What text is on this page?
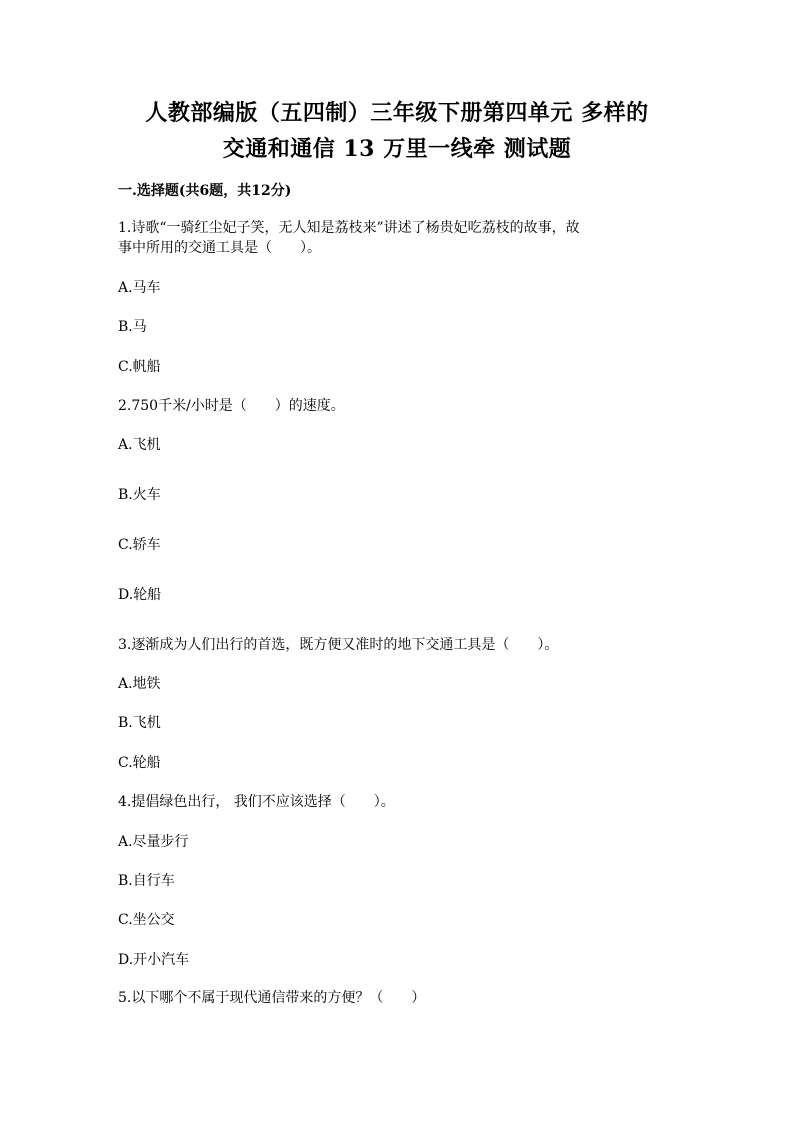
人教部编版（五四制）三年级下册第四单元 多样的
交通和通信 13 万里一线牵 测试题
一.选择题(共6题，共12分)
1.诗歌“一骑红尘妃子笑，无人知是荔枝来”讲述了杨贵妃吃荔枝的故事，故
事中所用的交通工具是（　　）。
A.马车
B.马
C.帆船
2.750千米/小时是（　　）的速度。
A.飞机
B.火车
C.轿车
D.轮船
3.逐渐成为人们出行的首选，既方便又准时的地下交通工具是（　　）。
A.地铁
B.飞机
C.轮船
4.提倡绿色出行， 我们不应该选择（　　）。
A.尽量步行
B.自行车
C.坐公交
D.开小汽车
5.以下哪个不属于现代通信带来的方便？（　　）
